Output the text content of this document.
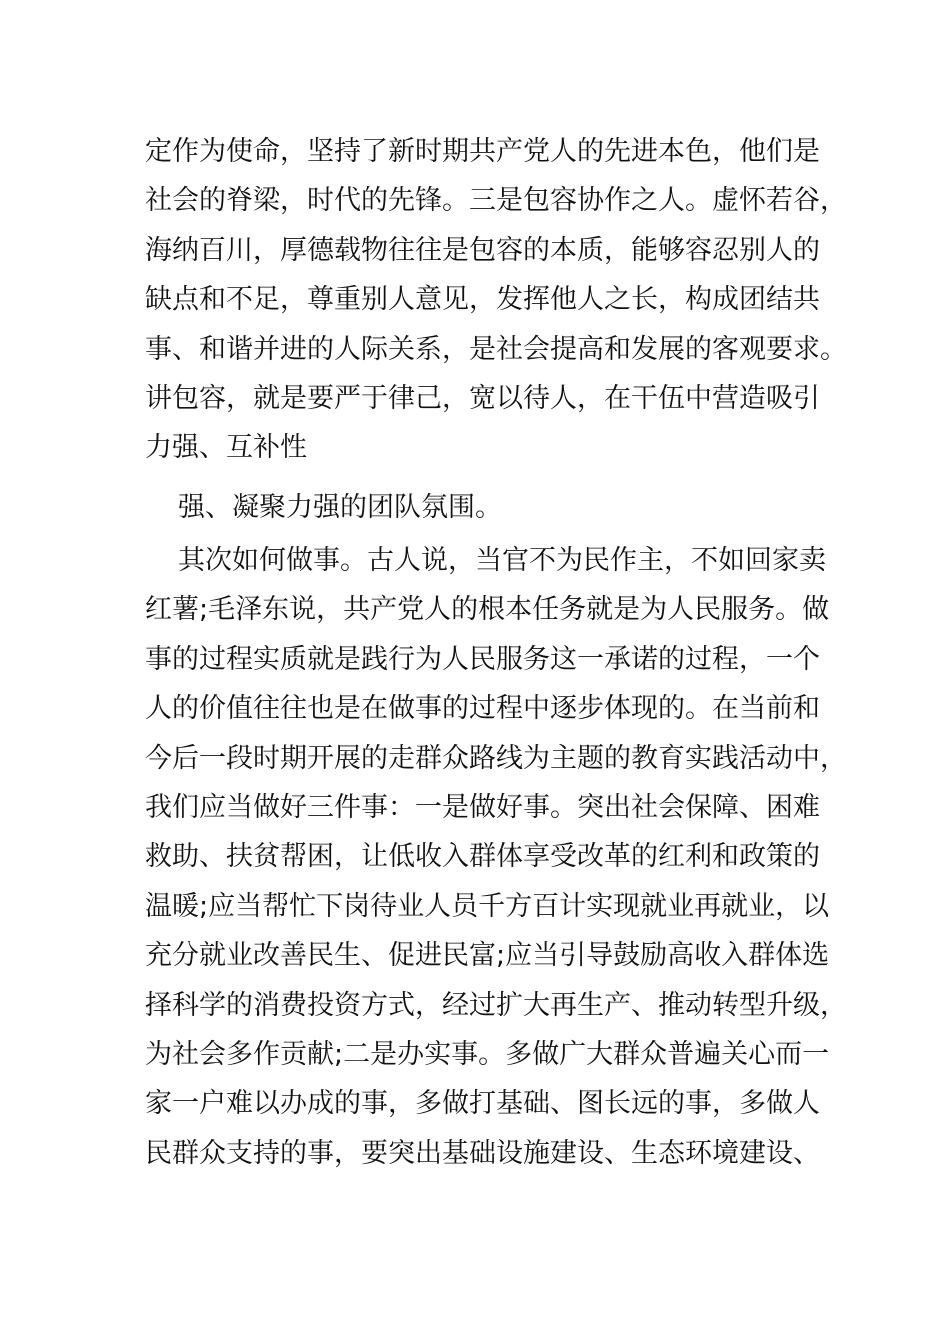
定作为使命，坚持了新时期共产党人的先进本色，他们是
社会的脊梁，时代的先锋。三是包容协作之人。虚怀若谷，
海纳百川，厚德载物往往是包容的本质，能够容忍别人的
缺点和不足，尊重别人意见，发挥他人之长，构成团结共
事、和谐并进的人际关系，是社会提高和发展的客观要求。
讲包容，就是要严于律己，宽以待人，在干伍中营造吸引
力强、互补性
强、凝聚力强的团队氛围。
其次如何做事。古人说，当官不为民作主，不如回家卖
红薯;毛泽东说，共产党人的根本任务就是为人民服务。做
事的过程实质就是践行为人民服务这一承诺的过程，一个
人的价值往往也是在做事的过程中逐步体现的。在当前和
今后一段时期开展的走群众路线为主题的教育实践活动中，
我们应当做好三件事：一是做好事。突出社会保障、困难
救助、扶贫帮困，让低收入群体享受改革的红利和政策的
温暖;应当帮忙下岗待业人员千方百计实现就业再就业，以
充分就业改善民生、促进民富;应当引导鼓励高收入群体选
择科学的消费投资方式，经过扩大再生产、推动转型升级，
为社会多作贡献;二是办实事。多做广大群众普遍关心而一
家一户难以办成的事，多做打基础、图长远的事，多做人
民群众支持的事，要突出基础设施建设、生态环境建设、
